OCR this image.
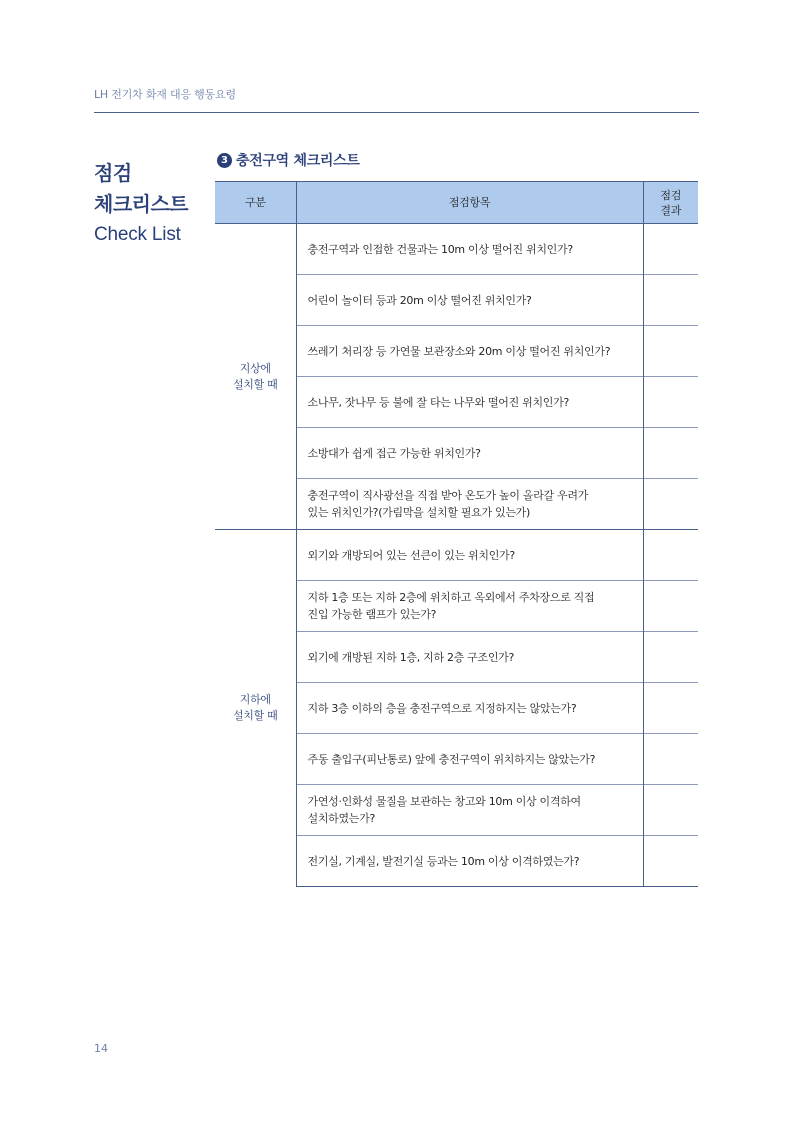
LH 전기차 화재 대응 행동요령
점검
체크리스트
Check List
3 충전구역 체크리스트
구분	점검항목	점검
결과

지상에
설치할 때	충전구역과 인접한 건물과는 10m 이상 떨어진 위치인가?	

	어린이 놀이터 등과 20m 이상 떨어진 위치인가?	

	쓰레기 처리장 등 가연물 보관장소와 20m 이상 떨어진 위치인가?	

	소나무, 잣나무 등 불에 잘 타는 나무와 떨어진 위치인가?	

	소방대가 쉽게 접근 가능한 위치인가?	

	충전구역이 직사광선을 직접 받아 온도가 높이 올라갈 우려가
있는 위치인가?(가림막을 설치할 필요가 있는가)	

지하에
설치할 때	외기와 개방되어 있는 선큰이 있는 위치인가?	

	지하 1층 또는 지하 2층에 위치하고 옥외에서 주차장으로 직접
진입 가능한 램프가 있는가?	

	외기에 개방된 지하 1층, 지하 2층 구조인가?	

	지하 3층 이하의 층을 충전구역으로 지정하지는 않았는가?	

	주동 출입구(피난통로) 앞에 충전구역이 위치하지는 않았는가?	

	가연성·인화성 물질을 보관하는 창고와 10m 이상 이격하여
설치하였는가?	

	전기실, 기계실, 발전기실 등과는 10m 이상 이격하였는가?	

14
